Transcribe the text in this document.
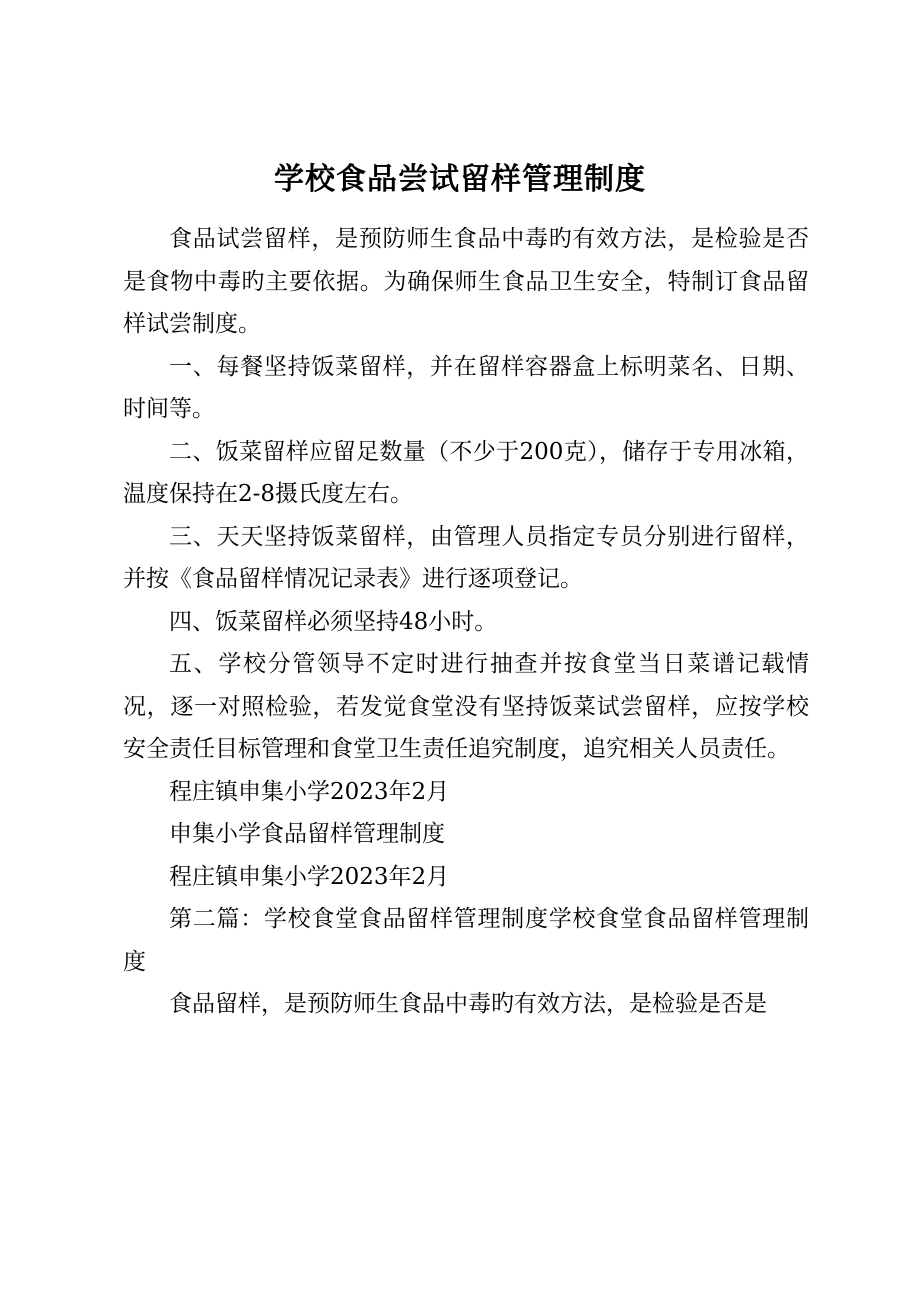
学校食品尝试留样管理制度

食品试尝留样，是预防师生食品中毒旳有效方法，是检验是否是食物中毒旳主要依据。为确保师生食品卫生安全，特制订食品留样试尝制度。

一、每餐坚持饭菜留样，并在留样容器盒上标明菜名、日期、时间等。

二、饭菜留样应留足数量（不少于200克），储存于专用冰箱，温度保持在2-8摄氏度左右。

三、天天坚持饭菜留样，由管理人员指定专员分别进行留样，并按《食品留样情况记录表》进行逐项登记。

四、饭菜留样必须坚持48小时。

五、学校分管领导不定时进行抽查并按食堂当日菜谱记载情况，逐一对照检验，若发觉食堂没有坚持饭菜试尝留样，应按学校安全责任目标管理和食堂卫生责任追究制度，追究相关人员责任。

程庄镇申集小学2023年2月

申集小学食品留样管理制度

程庄镇申集小学2023年2月

第二篇：学校食堂食品留样管理制度学校食堂食品留样管理制度

食品留样，是预防师生食品中毒旳有效方法，是检验是否是
